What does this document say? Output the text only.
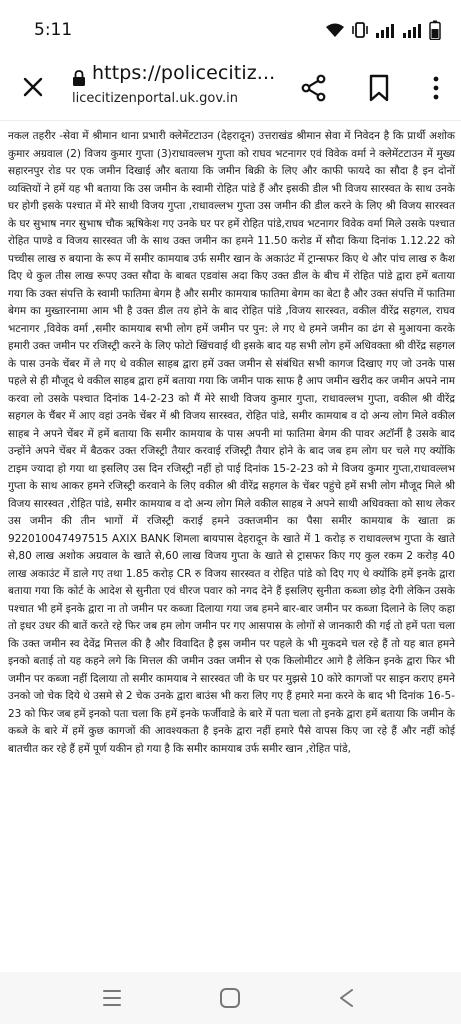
5:11
https://policecitiz...
licecitizenportal.uk.gov.in

नकल तहरीर -सेवा में श्रीमान थाना प्रभारी क्लेमेंटटाउन (देहरादून) उत्तराखंड श्रीमान सेवा में निवेदन है कि प्रार्थी अशोक कुमार अग्रवाल (2) विजय कुमार गुप्ता (3)राधावल्लभ गुप्ता को राघव भटनागर एवं विवेक वर्मा ने क्लेमेंटटाउन में मुख्य सहारनपुर रोड पर एक जमीन दिखाई और बताया कि जमीन बिक्री के लिए और काफी फायदे का सौदा है इन दोनों व्यक्तियों ने हमें यह भी बताया कि उस जमीन के स्वामी रोहित पांडे हैं और इसकी डील भी विजय सारस्वत के साथ उनके घर होगी इसके पश्चात में मेरे साथी विजय गुप्ता ,राधावल्लभ गुप्ता उस जमीन की डील करने के लिए श्री विजय सारस्वत के घर सुभाष नगर सुभाष चौक ऋषिकेश गए उनके घर पर हमें रोहित पांडे,राघव भटनागर विवेक वर्मा मिले उसके पश्चात रोहित पाण्डे व विजय सारस्वत जी के साथ उक्त जमीन का हमने 11.50 करोड में सौदा किया दिनांक 1.12.22 को पच्चीस लाख रु बयाना के रूप में समीर कामयाब उर्फ समीर खान के अकाउंट में ट्रान्सफर किए थे और पांच लाख रु कैश दिए थे कुल तीस लाख रूपए उक्त सौदा के बाबत एडवांस अदा किए उक्त डील के बीच में रोहित पांडे द्वारा हमें बताया गया कि उक्त संपत्ति के स्वामी फातिमा बेगम है और समीर कामयाब फातिमा बेगम का बेटा है और उक्त संपत्ति में फातिमा बेगम का मुख्तारनामा आम भी है उक्त डील तय होने के बाद रोहित पांडे ,विजय सारस्वत, वकील वीरेंद्र सहगल, राघव भटनागर ,विवेक वर्मा ,समीर कामयाब सभी लोग हमें जमीन पर पुन: ले गए थे हमने जमीन का ढंग से मुआयना करके हमारी उक्त जमीन पर रजिस्ट्री करने के लिए फोटो खिंचवाई थी इसके बाद यह सभी लोग हमें अधिवक्ता श्री वीरेंद्र सहगल के पास उनके चेंबर में ले गए थे वकील साहब द्वारा हमें उक्त जमीन से संबंधित सभी कागज दिखाए गए जो उनके पास पहले से ही मौजूद थे वकील साहब द्वारा हमें बताया गया कि जमीन पाक साफ है आप जमीन खरीद कर जमीन अपने नाम करवा लो उसके पश्चात दिनांक 14-2-23 को मैं मेरे साथी विजय कुमार गुप्ता, राधावल्लभ गुप्ता, वकील श्री वीरेंद्र सहगल के चैंबर में आए वहां उनके चेंबर में श्री विजय सारस्वत, रोहित पांडे, समीर कामयाब व दो अन्य लोग मिले वकील साहब ने अपने चेंबर में हमें बताया कि समीर कामयाब के पास अपनी मां फातिमा बेगम की पावर अटॉर्नी है उसके बाद उन्होंने अपने चेंबर में बैठकर उक्त रजिस्ट्री तैयार करवाई रजिस्ट्री तैयार होने के बाद जब हम लोग घर चले गए क्योंकि टाइम ज्यादा हो गया था इसलिए उस दिन रजिस्ट्री नहीं हो पाई दिनांक 15-2-23 को मे विजय कुमार गुप्ता,राधावल्लभ गुप्ता के साथ आकर हमने रजिस्ट्री करवाने के लिए वकील श्री वीरेंद्र सहगल के चेंबर पहुंचे हमें सभी लोग मौजूद मिले श्री विजय सारस्वत ,रोहित पांडे, समीर कामयाब व दो अन्य लोग मिले वकील साहब ने अपने साथी अधिवक्ता को साथ लेकर उस जमीन की तीन भागों में रजिस्ट्री कराई हमने उक्तजमीन का पैसा समीर कामयाब के खाता क्र 922010047497515 AXIX BANK शिमला बायपास देहरादून के खाते में 1 करोड़ रु राधावल्लभ गुप्ता के खाते से,80 लाख अशोक अग्रवाल के खाते से,60 लाख विजय गुप्ता के खाते से ट्रासफर किए गए कुल रकम 2 करोड़ 40 लाख अकाउंट में डाले गए तथा 1.85 करोड़ CR रु विजय सारस्वत व रोहित पांडे को दिए गए थे क्योंकि हमें इनके द्वारा बताया गया कि कोर्ट के आदेश से सुनीता एवं धीरज पवार को नगद देने हैं इसलिए सुनीता कब्जा छोड़ देगी लेकिन उसके पश्चात भी हमें इनके द्वारा ना तो जमीन पर कब्जा दिलाया गया जब हमने बार-बार जमीन पर कब्जा दिलाने के लिए कहा तो इधर उधर की बातें करते रहे फिर जब हम लोग जमीन पर गए आसपास के लोगों से जानकारी की गई तो हमें पता चला कि उक्त जमीन स्व देवेंद्र मित्तल की है और विवादित है इस जमीन पर पहले के भी मुकदमे चल रहे हैं तो यह बात हमने इनको बताई तो यह कहने लगे कि मित्तल की जमीन उक्त जमीन से एक किलोमीटर आगे है लेकिन इनके द्वारा फिर भी जमीन पर कब्जा नहीं दिलाया तो समीर कामयाब ने सारस्वत जी के घर पर मुझसे 10 कोरे कागजों पर साइन कराए हमने उनको जो चेक दिये थे उसमे से 2 चेक उनके द्वारा बाउंस भी करा लिए गए हैं हमारे मना करने के बाद भी दिनांक 16-5-23 को फिर जब हमें इनको पता चला कि हमें इनके फर्जीवाडे के बारे में पता चला तो इनके द्वारा हमें बताया कि जमीन के कब्जे के बारे में हमें कुछ कागजों की आवश्यकता है इनके द्वारा नहीं हमारे पैसे वापस किए जा रहे हैं और नहीं कोई बातचीत कर रहे हैं हमें पूर्ण यकीन हो गया है कि समीर कामयाब उर्फ समीर खान ,रोहित पांडे,
